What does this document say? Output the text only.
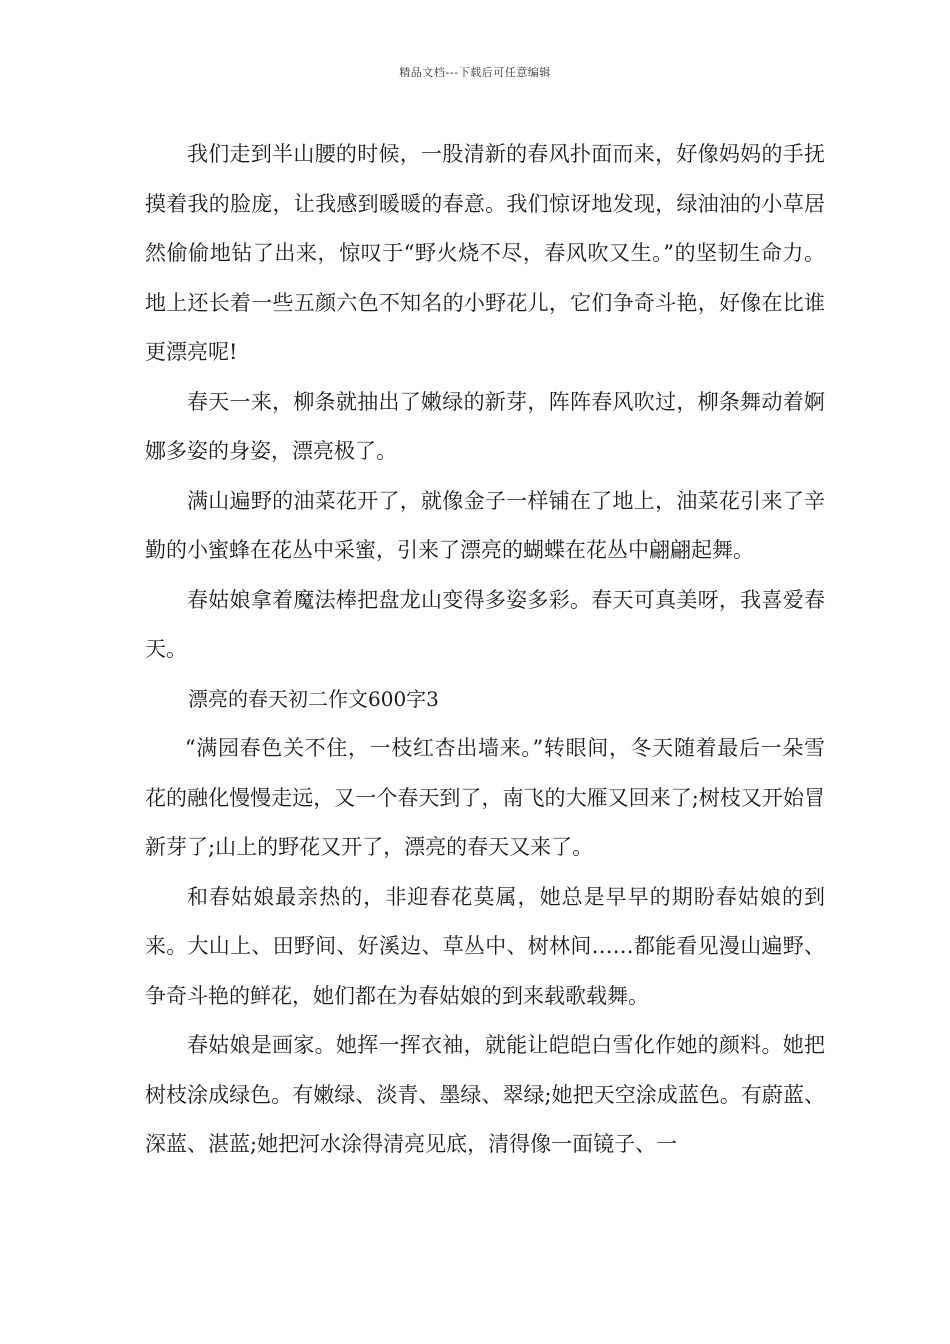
精品文档---下载后可任意编辑

我们走到半山腰的时候，一股清新的春风扑面而来，好像妈妈的手抚摸着我的脸庞，让我感到暖暖的春意。我们惊讶地发现，绿油油的小草居然偷偷地钻了出来，惊叹于“野火烧不尽，春风吹又生。”的坚韧生命力。地上还长着一些五颜六色不知名的小野花儿，它们争奇斗艳，好像在比谁更漂亮呢!

春天一来，柳条就抽出了嫩绿的新芽，阵阵春风吹过，柳条舞动着婀娜多姿的身姿，漂亮极了。

满山遍野的油菜花开了，就像金子一样铺在了地上，油菜花引来了辛勤的小蜜蜂在花丛中采蜜，引来了漂亮的蝴蝶在花丛中翩翩起舞。

春姑娘拿着魔法棒把盘龙山变得多姿多彩。春天可真美呀，我喜爱春天。

漂亮的春天初二作文600字3

“满园春色关不住，一枝红杏出墙来。”转眼间，冬天随着最后一朵雪花的融化慢慢走远，又一个春天到了，南飞的大雁又回来了;树枝又开始冒新芽了;山上的野花又开了，漂亮的春天又来了。

和春姑娘最亲热的，非迎春花莫属，她总是早早的期盼春姑娘的到来。大山上、田野间、好溪边、草丛中、树林间……都能看见漫山遍野、争奇斗艳的鲜花，她们都在为春姑娘的到来载歌载舞。

春姑娘是画家。她挥一挥衣袖，就能让皑皑白雪化作她的颜料。她把树枝涂成绿色。有嫩绿、淡青、墨绿、翠绿;她把天空涂成蓝色。有蔚蓝、深蓝、湛蓝;她把河水涂得清亮见底，清得像一面镜子、一
